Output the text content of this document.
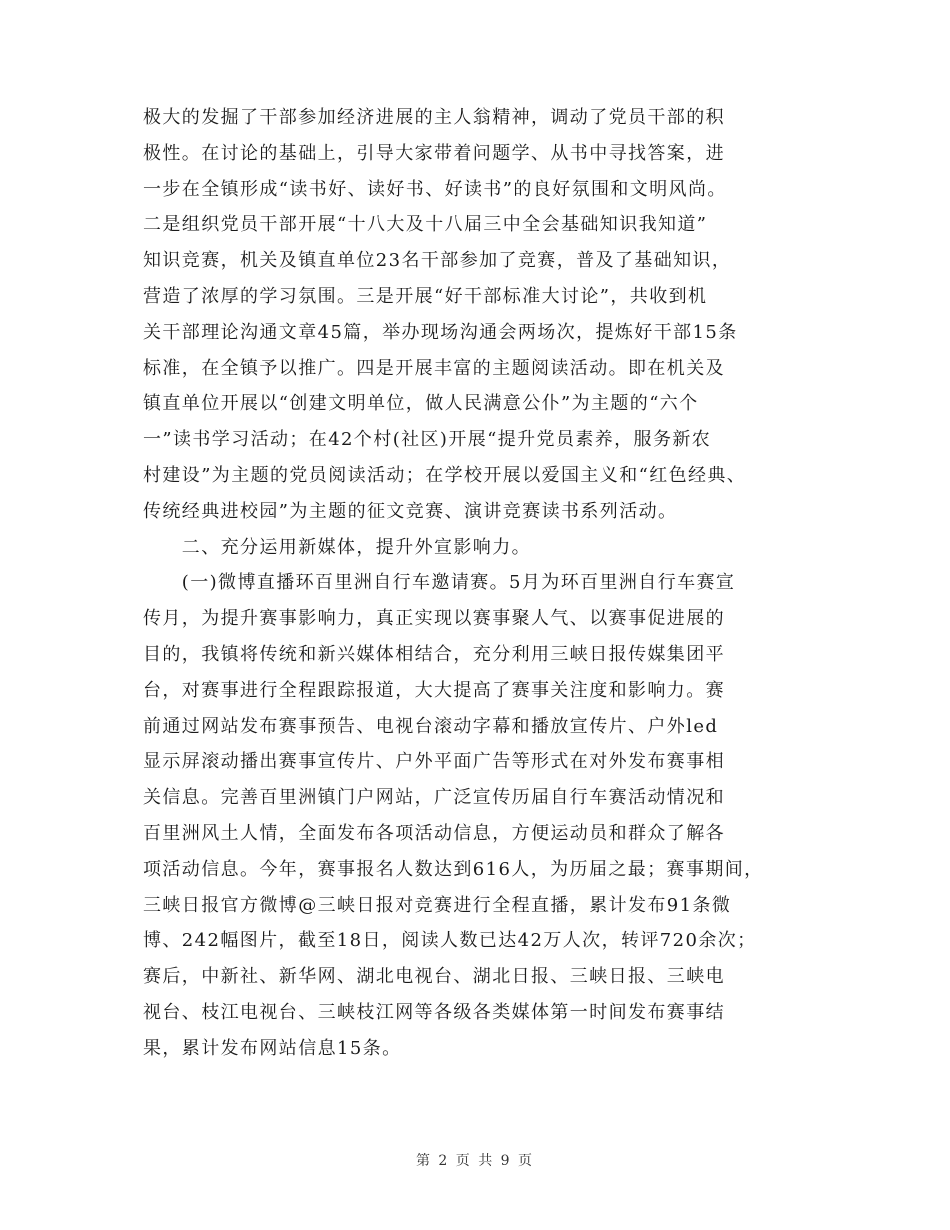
极大的发掘了干部参加经济进展的主人翁精神，调动了党员干部的积
极性。在讨论的基础上，引导大家带着问题学、从书中寻找答案，进
一步在全镇形成“读书好、读好书、好读书”的良好氛围和文明风尚。
二是组织党员干部开展“十八大及十八届三中全会基础知识我知道”
知识竞赛，机关及镇直单位23名干部参加了竞赛，普及了基础知识，
营造了浓厚的学习氛围。三是开展“好干部标准大讨论”，共收到机
关干部理论沟通文章45篇，举办现场沟通会两场次，提炼好干部15条
标准，在全镇予以推广。四是开展丰富的主题阅读活动。即在机关及
镇直单位开展以“创建文明单位，做人民满意公仆”为主题的“六个
一”读书学习活动；在42个村(社区)开展“提升党员素养，服务新农
村建设”为主题的党员阅读活动；在学校开展以爱国主义和“红色经典、
传统经典进校园”为主题的征文竞赛、演讲竞赛读书系列活动。
　　二、充分运用新媒体，提升外宣影响力。
　　(一)微博直播环百里洲自行车邀请赛。5月为环百里洲自行车赛宣
传月，为提升赛事影响力，真正实现以赛事聚人气、以赛事促进展的
目的，我镇将传统和新兴媒体相结合，充分利用三峡日报传媒集团平
台，对赛事进行全程跟踪报道，大大提高了赛事关注度和影响力。赛
前通过网站发布赛事预告、电视台滚动字幕和播放宣传片、户外led
显示屏滚动播出赛事宣传片、户外平面广告等形式在对外发布赛事相
关信息。完善百里洲镇门户网站，广泛宣传历届自行车赛活动情况和
百里洲风土人情，全面发布各项活动信息，方便运动员和群众了解各
项活动信息。今年，赛事报名人数达到616人，为历届之最；赛事期间，
三峡日报官方微博@三峡日报对竞赛进行全程直播，累计发布91条微
博、242幅图片，截至18日，阅读人数已达42万人次，转评720余次；
赛后，中新社、新华网、湖北电视台、湖北日报、三峡日报、三峡电
视台、枝江电视台、三峡枝江网等各级各类媒体第一时间发布赛事结
果，累计发布网站信息15条。
第 2 页 共 9 页
